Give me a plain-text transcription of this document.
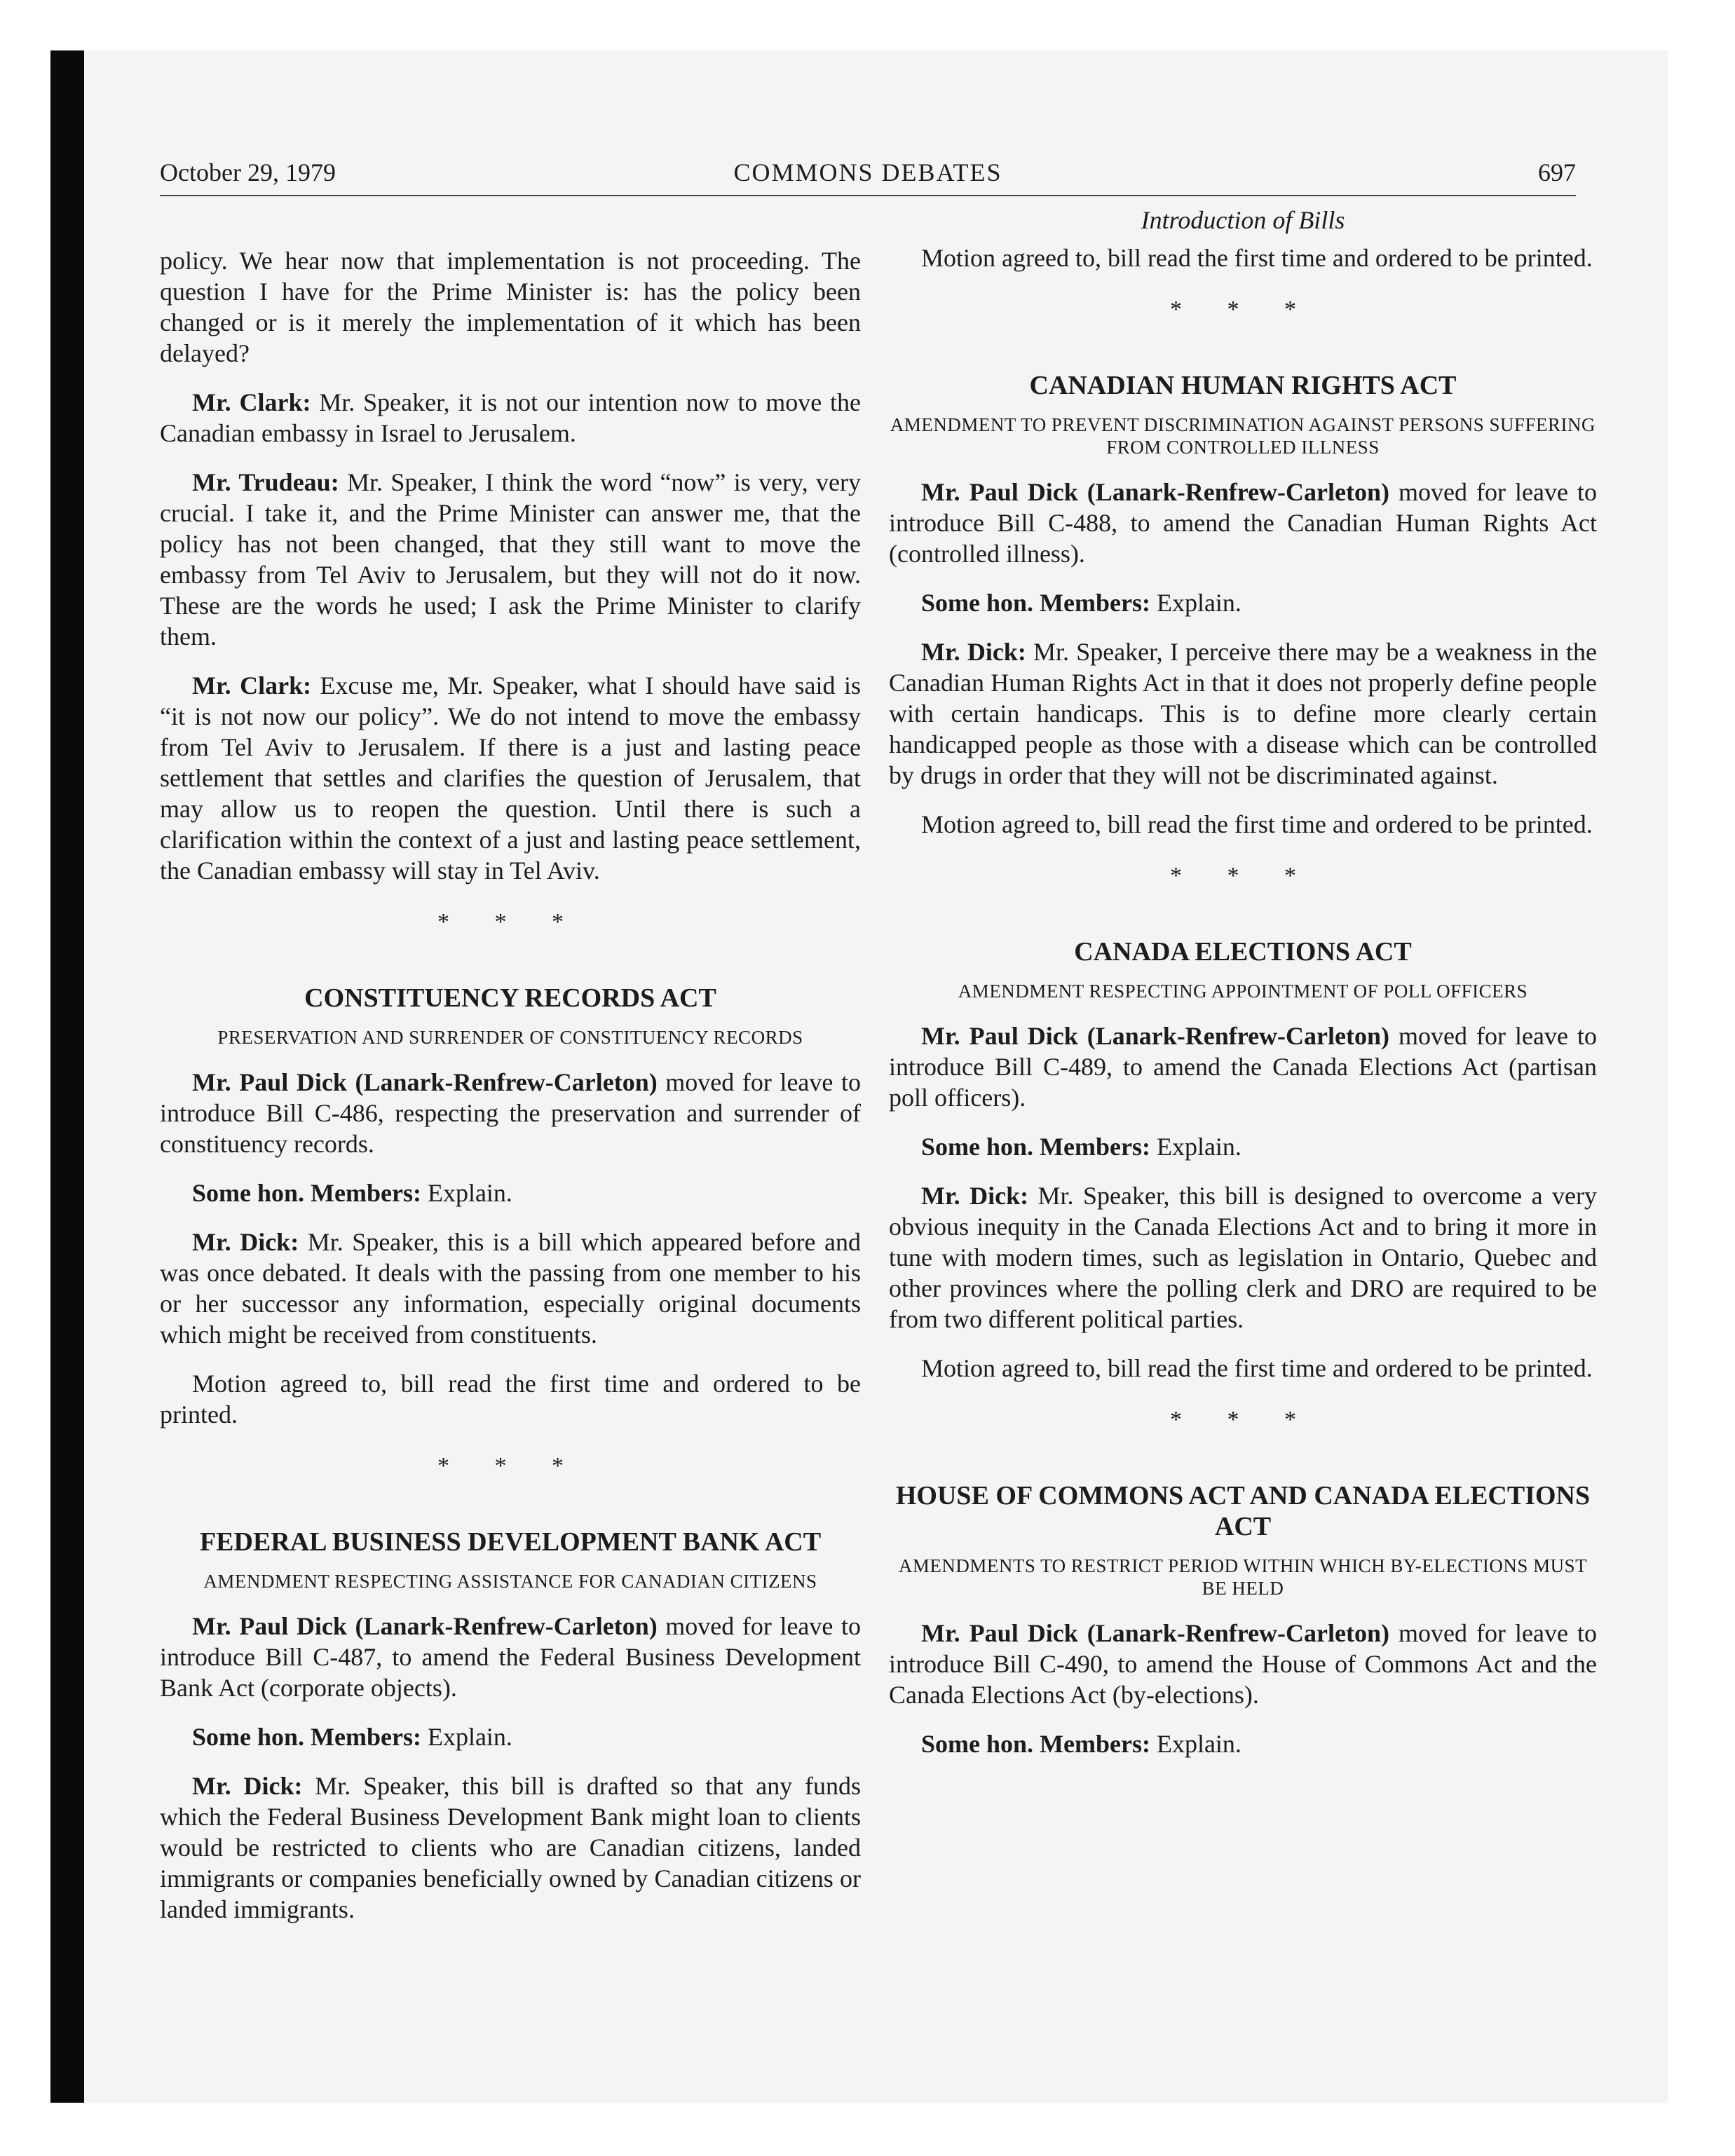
October 29, 1979	COMMONS DEBATES	697

policy. We hear now that implementation is not proceeding. The question I have for the Prime Minister is: has the policy been changed or is it merely the implementation of it which has been delayed?

Mr. Clark: Mr. Speaker, it is not our intention now to move the Canadian embassy in Israel to Jerusalem.

Mr. Trudeau: Mr. Speaker, I think the word “now” is very, very crucial. I take it, and the Prime Minister can answer me, that the policy has not been changed, that they still want to move the embassy from Tel Aviv to Jerusalem, but they will not do it now. These are the words he used; I ask the Prime Minister to clarify them.

Mr. Clark: Excuse me, Mr. Speaker, what I should have said is “it is not now our policy”. We do not intend to move the embassy from Tel Aviv to Jerusalem. If there is a just and lasting peace settlement that settles and clarifies the question of Jerusalem, that may allow us to reopen the question. Until there is such a clarification within the context of a just and lasting peace settlement, the Canadian embassy will stay in Tel Aviv.

* * *
CONSTITUENCY RECORDS ACT
PRESERVATION AND SURRENDER OF CONSTITUENCY RECORDS

Mr. Paul Dick (Lanark-Renfrew-Carleton) moved for leave to introduce Bill C-486, respecting the preservation and surrender of constituency records.

Some hon. Members: Explain.

Mr. Dick: Mr. Speaker, this is a bill which appeared before and was once debated. It deals with the passing from one member to his or her successor any information, especially original documents which might be received from constituents.

Motion agreed to, bill read the first time and ordered to be printed.

* * *
FEDERAL BUSINESS DEVELOPMENT BANK ACT
AMENDMENT RESPECTING ASSISTANCE FOR CANADIAN CITIZENS

Mr. Paul Dick (Lanark-Renfrew-Carleton) moved for leave to introduce Bill C-487, to amend the Federal Business Development Bank Act (corporate objects).

Some hon. Members: Explain.

Mr. Dick: Mr. Speaker, this bill is drafted so that any funds which the Federal Business Development Bank might loan to clients would be restricted to clients who are Canadian citizens, landed immigrants or companies beneficially owned by Canadian citizens or landed immigrants.

Introduction of Bills

Motion agreed to, bill read the first time and ordered to be printed.

* * *
CANADIAN HUMAN RIGHTS ACT
AMENDMENT TO PREVENT DISCRIMINATION AGAINST PERSONS SUFFERING FROM CONTROLLED ILLNESS

Mr. Paul Dick (Lanark-Renfrew-Carleton) moved for leave to introduce Bill C-488, to amend the Canadian Human Rights Act (controlled illness).

Some hon. Members: Explain.

Mr. Dick: Mr. Speaker, I perceive there may be a weakness in the Canadian Human Rights Act in that it does not properly define people with certain handicaps. This is to define more clearly certain handicapped people as those with a disease which can be controlled by drugs in order that they will not be discriminated against.

Motion agreed to, bill read the first time and ordered to be printed.

* * *
CANADA ELECTIONS ACT
AMENDMENT RESPECTING APPOINTMENT OF POLL OFFICERS

Mr. Paul Dick (Lanark-Renfrew-Carleton) moved for leave to introduce Bill C-489, to amend the Canada Elections Act (partisan poll officers).

Some hon. Members: Explain.

Mr. Dick: Mr. Speaker, this bill is designed to overcome a very obvious inequity in the Canada Elections Act and to bring it more in tune with modern times, such as legislation in Ontario, Quebec and other provinces where the polling clerk and DRO are required to be from two different political parties.

Motion agreed to, bill read the first time and ordered to be printed.

* * *
HOUSE OF COMMONS ACT AND CANADA ELECTIONS ACT
AMENDMENTS TO RESTRICT PERIOD WITHIN WHICH BY-ELECTIONS MUST BE HELD

Mr. Paul Dick (Lanark-Renfrew-Carleton) moved for leave to introduce Bill C-490, to amend the House of Commons Act and the Canada Elections Act (by-elections).

Some hon. Members: Explain.
